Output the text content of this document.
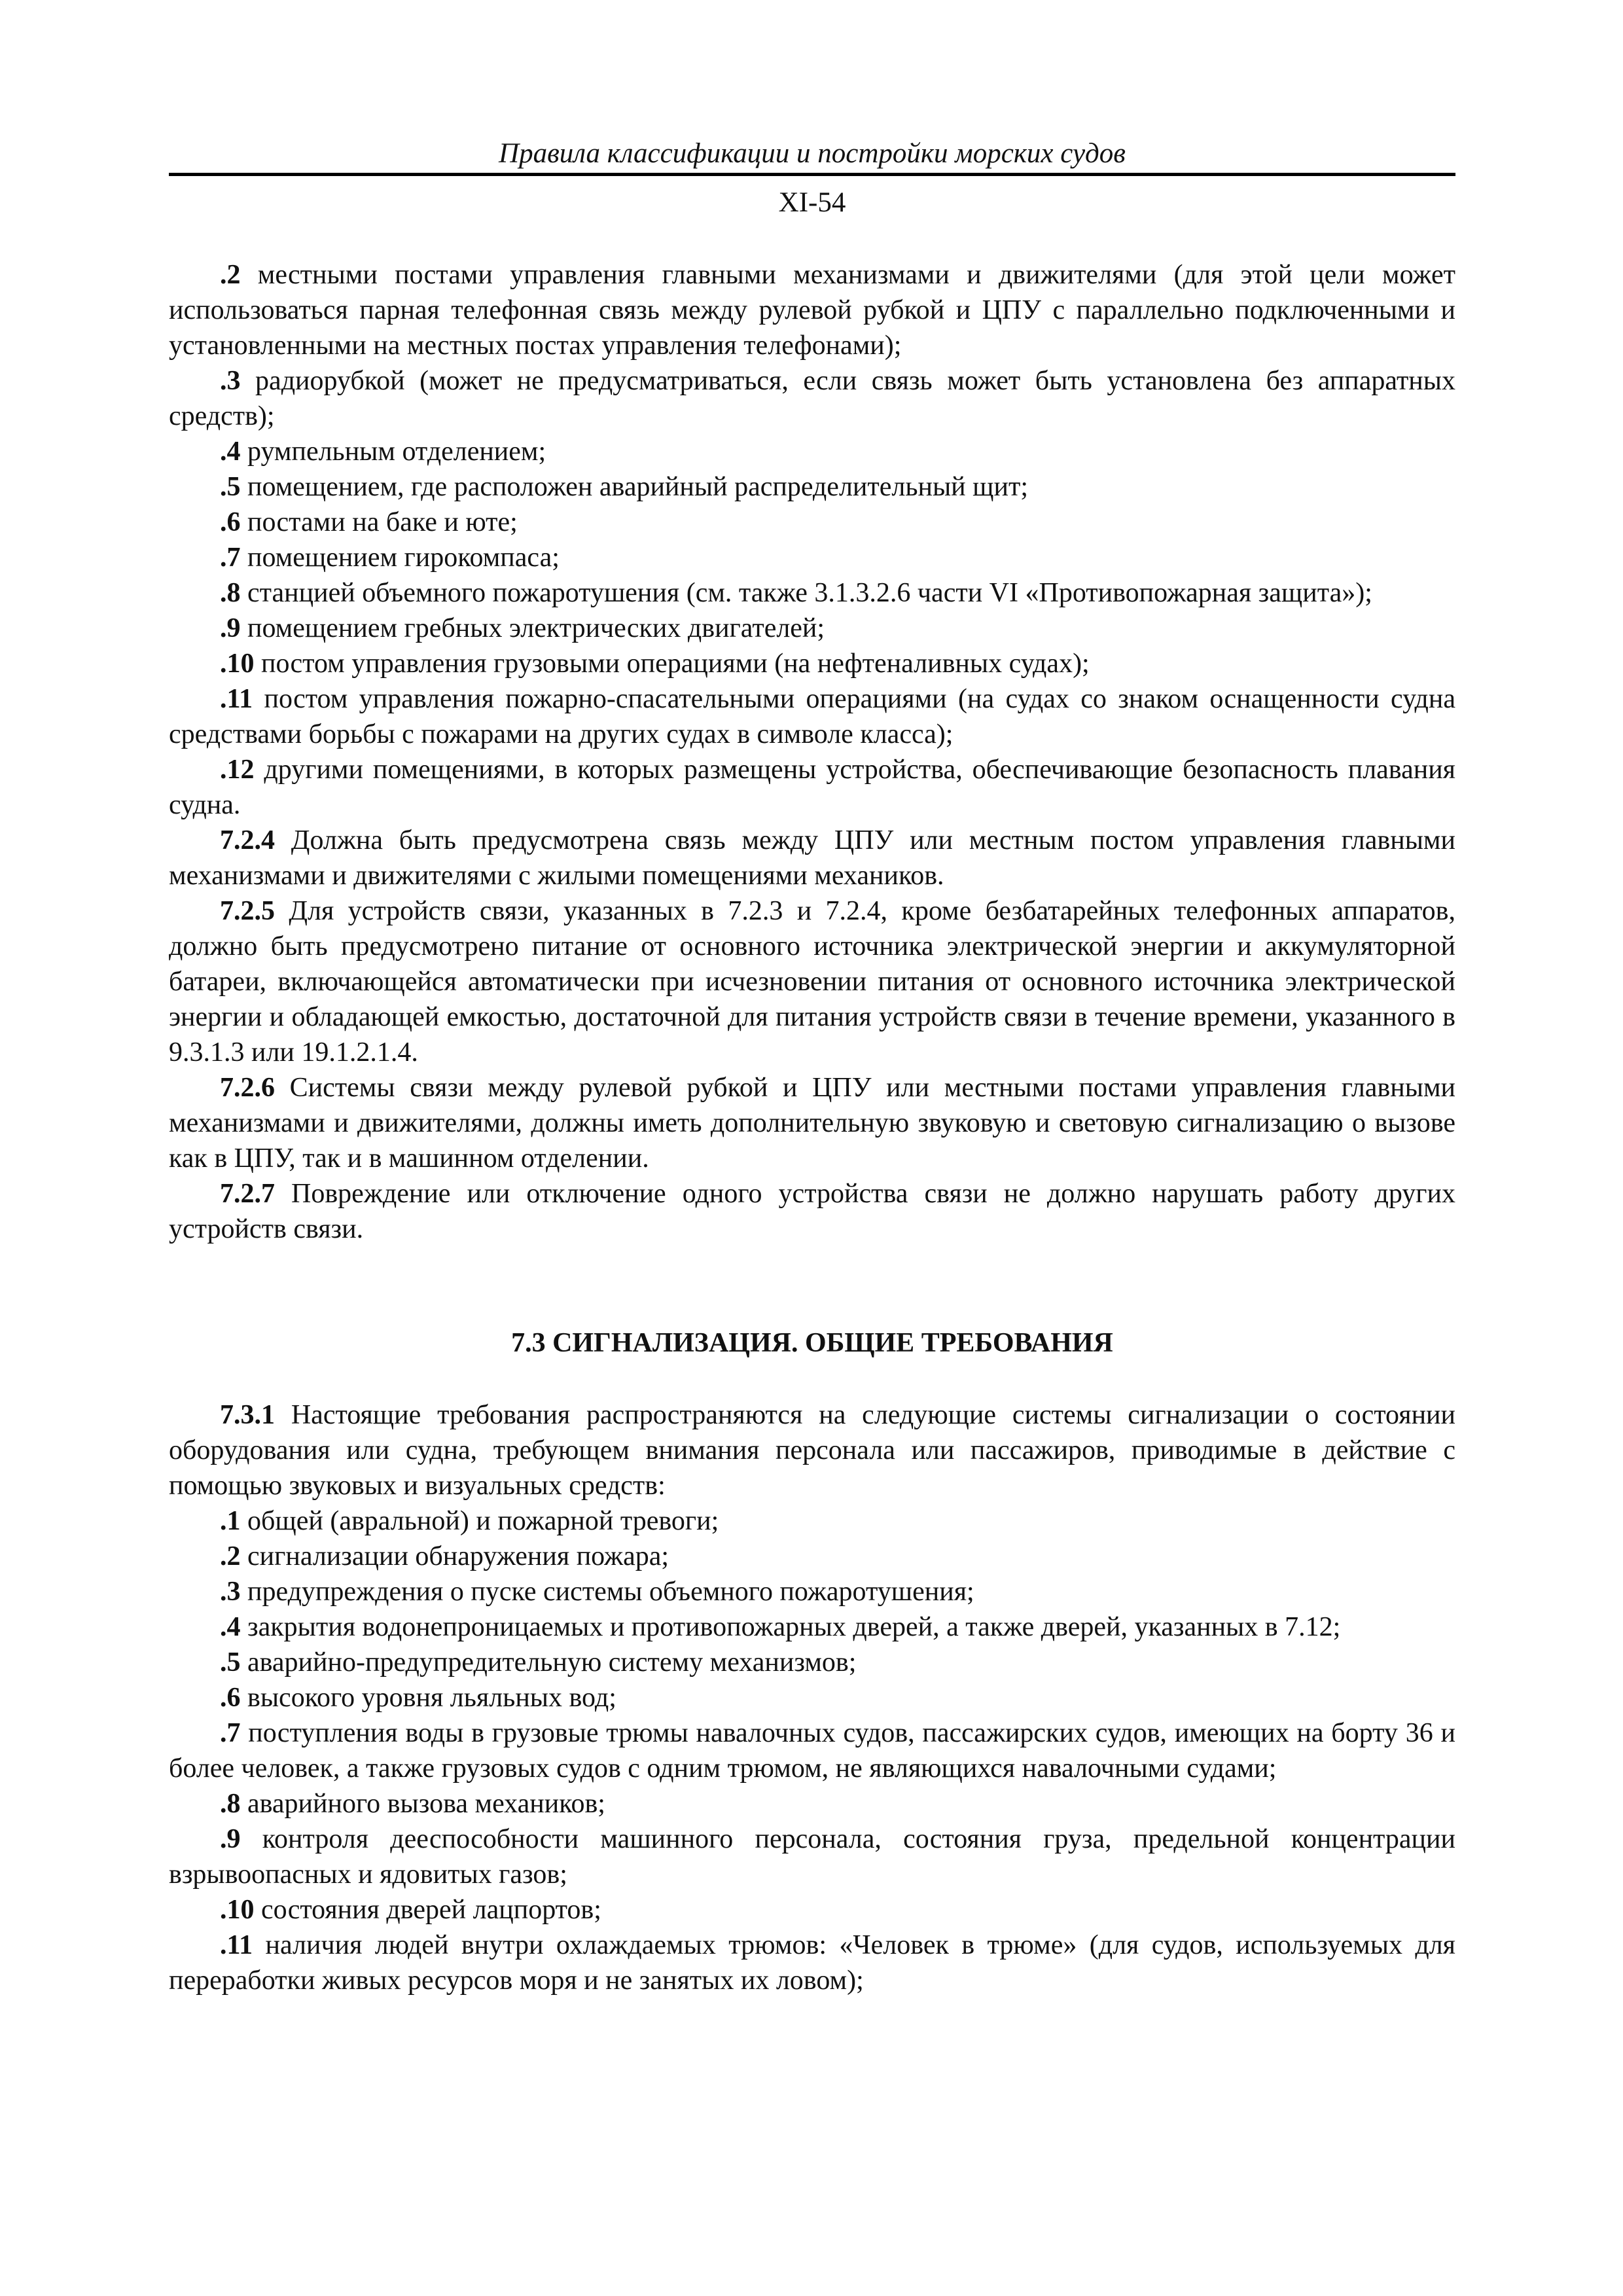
Правила классификации и постройки морских судов
XI-54

.2 местными постами управления главными механизмами и движителями (для этой цели может использоваться парная телефонная связь между рулевой рубкой и ЦПУ с параллельно подключенными и установленными на местных постах управления телефонами);

.3 радиорубкой (может не предусматриваться, если связь может быть установлена без аппаратных средств);

.4 румпельным отделением;

.5 помещением, где расположен аварийный распределительный щит;

.6 постами на баке и юте;

.7 помещением гирокомпаса;

.8 станцией объемного пожаротушения (см. также 3.1.3.2.6 части VI «Противопожарная защита»);

.9 помещением гребных электрических двигателей;

.10 постом управления грузовыми операциями (на нефтеналивных судах);

.11 постом управления пожарно-спасательными операциями (на судах со знаком оснащенности судна средствами борьбы с пожарами на других судах в символе класса);

.12 другими помещениями, в которых размещены устройства, обеспечивающие безопасность плавания судна.

7.2.4 Должна быть предусмотрена связь между ЦПУ или местным постом управления главными механизмами и движителями с жилыми помещениями механиков.

7.2.5 Для устройств связи, указанных в 7.2.3 и 7.2.4, кроме безбатарейных телефонных аппаратов, должно быть предусмотрено питание от основного источника электрической энергии и аккумуляторной батареи, включающейся автоматически при исчезновении питания от основного источника электрической энергии и обладающей емкостью, достаточной для питания устройств связи в течение времени, указанного в 9.3.1.3 или 19.1.2.1.4.

7.2.6 Системы связи между рулевой рубкой и ЦПУ или местными постами управления главными механизмами и движителями, должны иметь дополнительную звуковую и световую сигнализацию о вызове как в ЦПУ, так и в машинном отделении.

7.2.7 Повреждение или отключение одного устройства связи не должно нарушать работу других устройств связи.

7.3 СИГНАЛИЗАЦИЯ. ОБЩИЕ ТРЕБОВАНИЯ

7.3.1 Настоящие требования распространяются на следующие системы сигнализации о состоянии оборудования или судна, требующем внимания персонала или пассажиров, приводимые в действие с помощью звуковых и визуальных средств:

.1 общей (авральной) и пожарной тревоги;

.2 сигнализации обнаружения пожара;

.3 предупреждения о пуске системы объемного пожаротушения;

.4 закрытия водонепроницаемых и противопожарных дверей, а также дверей, указанных в 7.12;

.5 аварийно-предупредительную систему механизмов;

.6 высокого уровня льяльных вод;

.7 поступления воды в грузовые трюмы навалочных судов, пассажирских судов, имеющих на борту 36 и более человек, а также грузовых судов с одним трюмом, не являющихся навалочными судами;

.8 аварийного вызова механиков;

.9 контроля дееспособности машинного персонала, состояния груза, предельной концентрации взрывоопасных и ядовитых газов;

.10 состояния дверей лацпортов;

.11 наличия людей внутри охлаждаемых трюмов: «Человек в трюме» (для судов, используемых для переработки живых ресурсов моря и не занятых их ловом);
